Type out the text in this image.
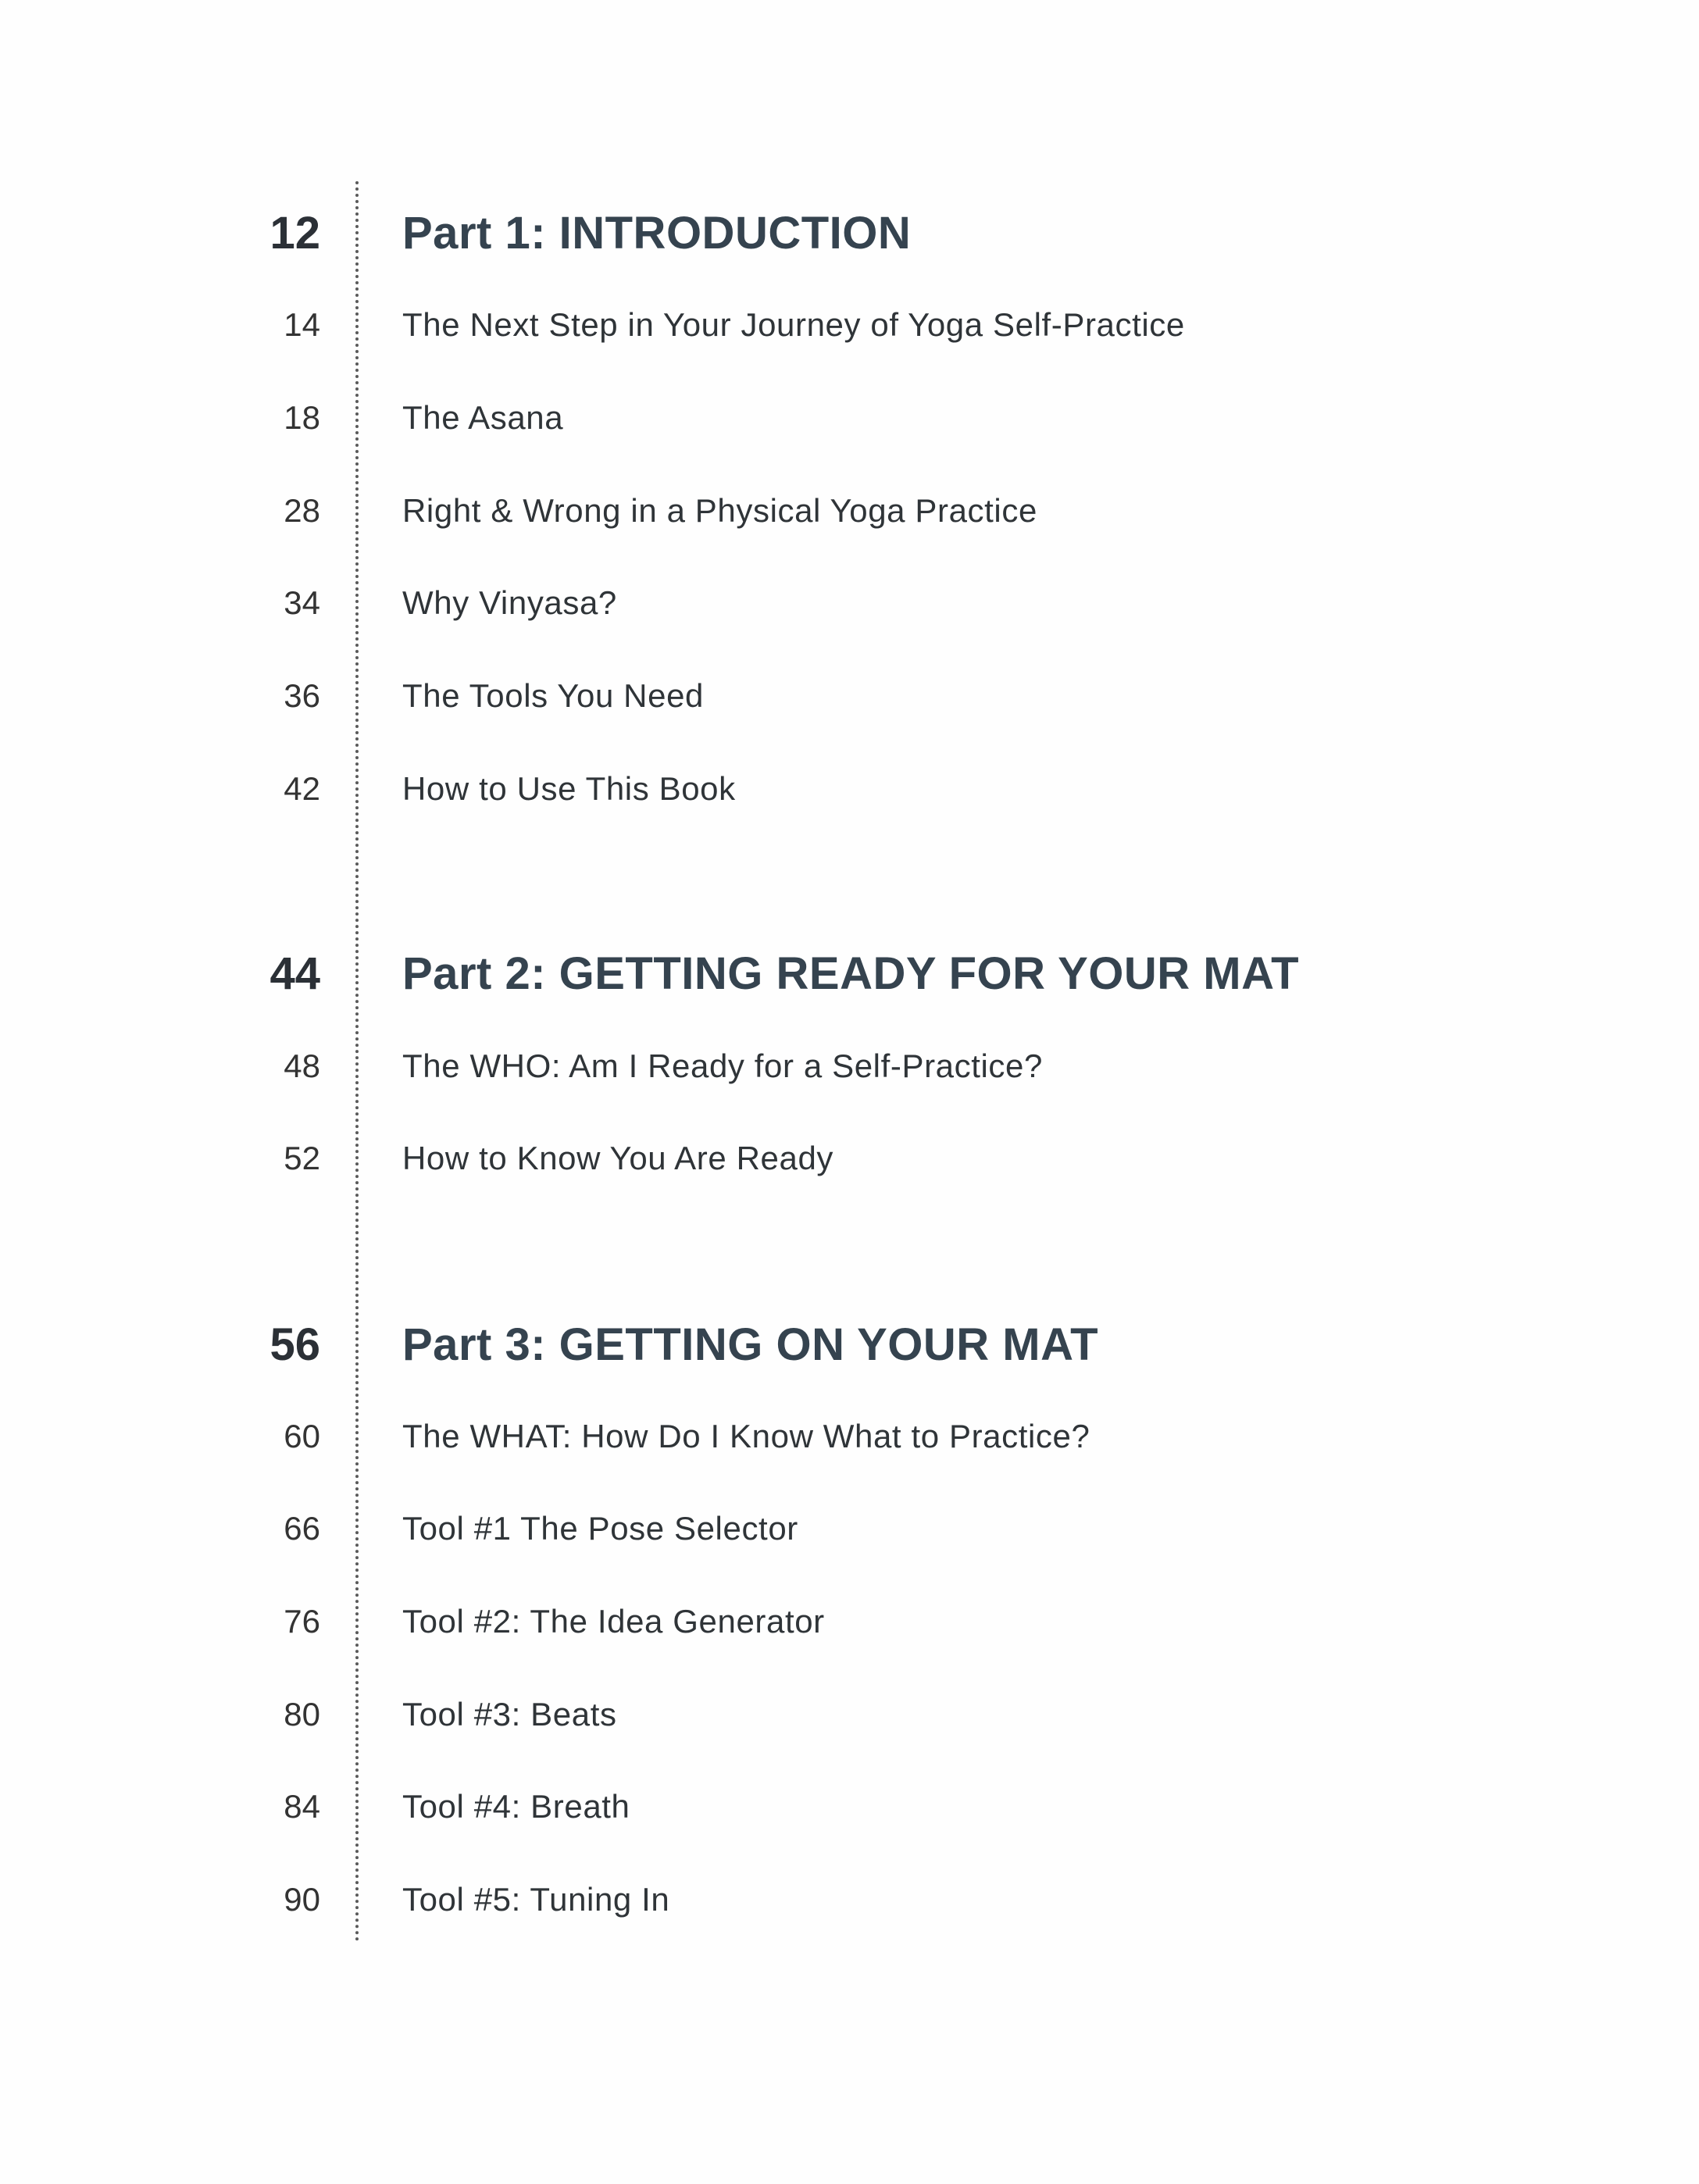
12 Part 1: INTRODUCTION
14	The Next Step in Your Journey of Yoga Self-Practice
18	The Asana
28	Right & Wrong in a Physical Yoga Practice
34	Why Vinyasa?
36	The Tools You Need
42	How to Use This Book
44 Part 2: GETTING READY FOR YOUR MAT
48	The WHO: Am I Ready for a Self-Practice?
52	How to Know You Are Ready
56 Part 3: GETTING ON YOUR MAT
60	The WHAT: How Do I Know What to Practice?
66	Tool #1 The Pose Selector
76	Tool #2: The Idea Generator
80	Tool #3: Beats
84	Tool #4: Breath
90	Tool #5: Tuning In
